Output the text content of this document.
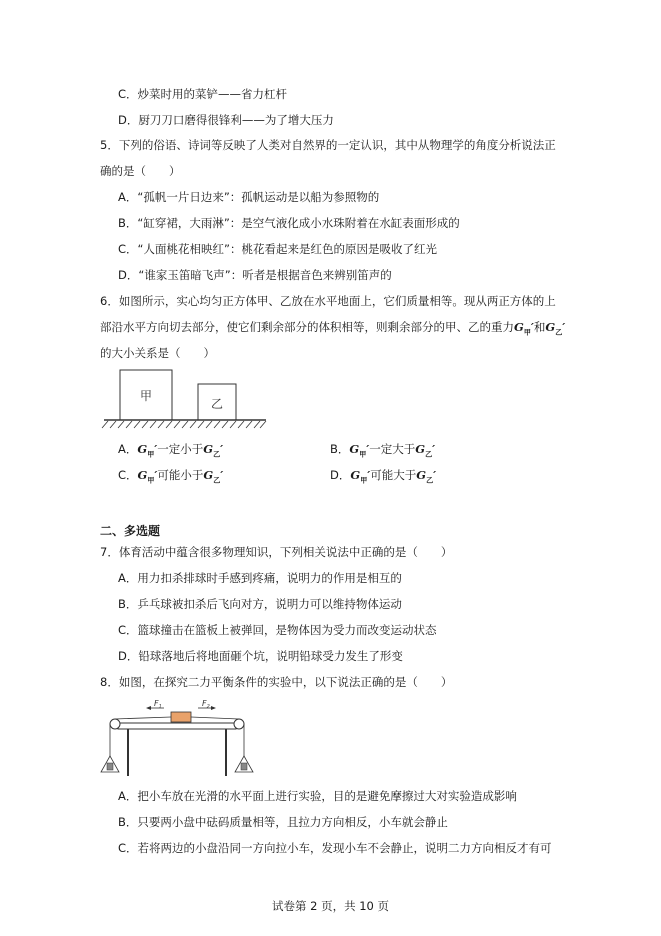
C．炒菜时用的菜铲——省力杠杆
D．厨刀刀口磨得很锋利——为了增大压力
5．下列的俗语、诗词等反映了人类对自然界的一定认识，其中从物理学的角度分析说法正
确的是（　　）
A．“孤帆一片日边来”：孤帆运动是以船为参照物的
B．“缸穿裙，大雨淋”：是空气液化成小水珠附着在水缸表面形成的
C．“人面桃花相映红”：桃花看起来是红色的原因是吸收了红光
D．“谁家玉笛暗飞声”：听者是根据音色来辨别笛声的
6．如图所示，实心均匀正方体甲、乙放在水平地面上，它们质量相等。现从两正方体的上
部沿水平方向切去部分，使它们剩余部分的体积相等，则剩余部分的甲、乙的重力$G_甲'$和$G_乙'$
的大小关系是（　　）
甲
乙
A．$G_甲'$一定小于$G_乙'$	B．$G_甲'$一定大于$G_乙'$
C．$G_甲'$可能小于$G_乙'$	D．$G_甲'$可能大于$G_乙'$
二、多选题
7．体育活动中蕴含很多物理知识，下列相关说法中正确的是（　　）
A．用力扣杀排球时手感到疼痛，说明力的作用是相互的
B．乒乓球被扣杀后飞向对方，说明力可以维持物体运动
C．篮球撞击在篮板上被弹回，是物体因为受力而改变运动状态
D．铅球落地后将地面砸个坑，说明铅球受力发生了形变
8．如图，在探究二力平衡条件的实验中，以下说法正确的是（　　）
$F_1$	$F_2$
A．把小车放在光滑的水平面上进行实验，目的是避免摩擦过大对实验造成影响
B．只要两小盘中砝码质量相等，且拉力方向相反，小车就会静止
C．若将两边的小盘沿同一方向拉小车，发现小车不会静止，说明二力方向相反才有可
试卷第 2 页，共 10 页
